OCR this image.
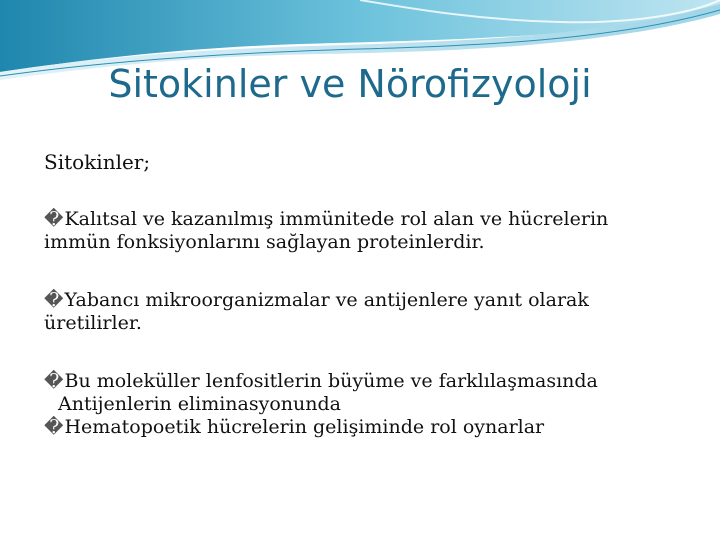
Sitokinler ve Nörofizyoloji
Sitokinler;
�Kalıtsal ve kazanılmış immünitede rol alan ve hücrelerin
immün fonksiyonlarını sağlayan proteinlerdir.
�Yabancı mikroorganizmalar ve antijenlere yanıt olarak
üretilirler.
�Bu moleküller lenfositlerin büyüme ve farklılaşmasında
Antijenlerin eliminasyonunda
�Hematopoetik hücrelerin gelişiminde rol oynarlar
